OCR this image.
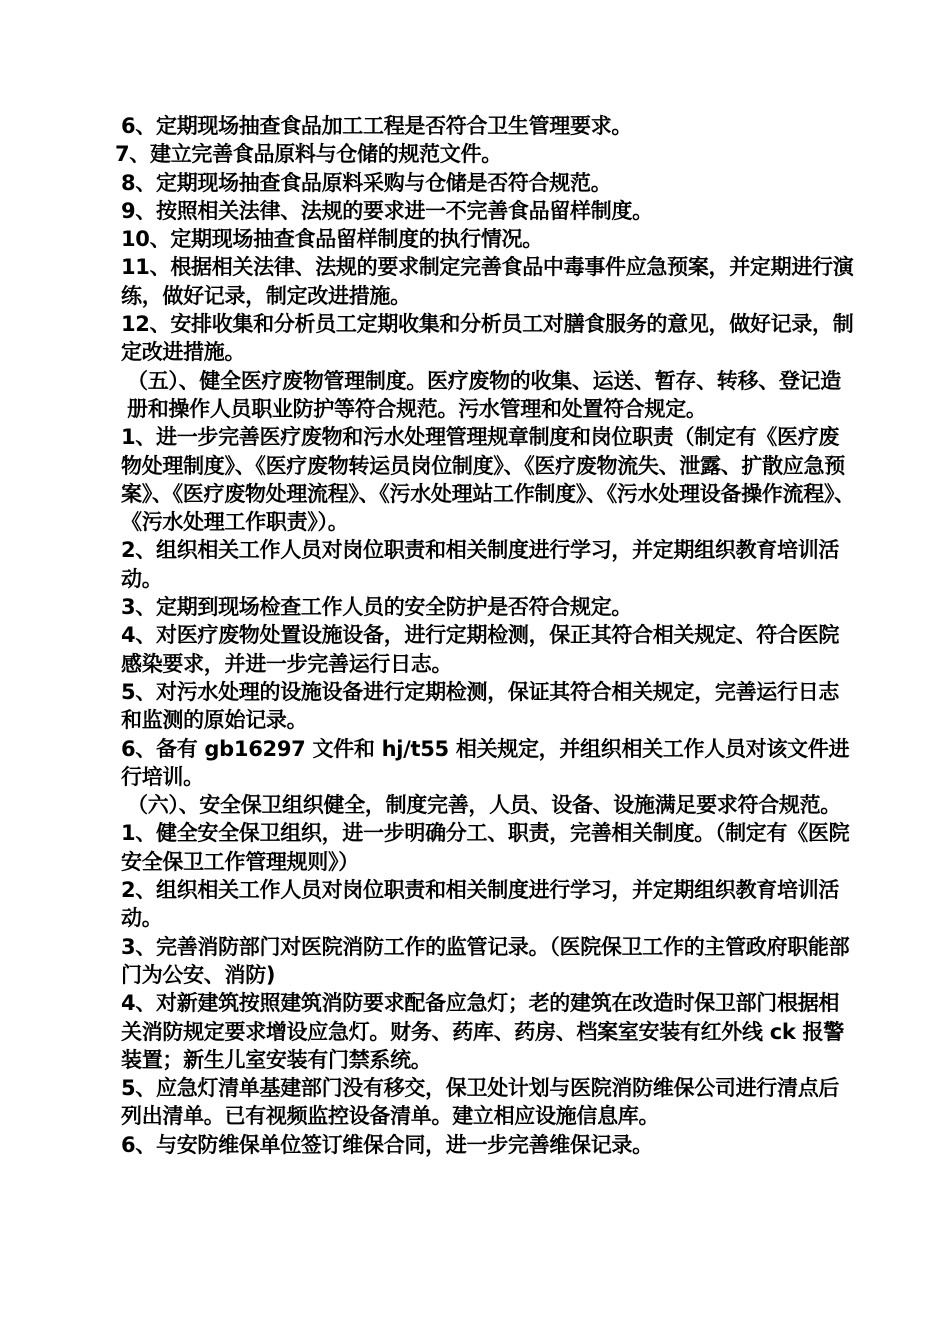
6、定期现场抽查食品加工工程是否符合卫生管理要求。

7、建立完善食品原料与仓储的规范文件。

8、定期现场抽查食品原料采购与仓储是否符合规范。

9、按照相关法律、法规的要求进一不完善食品留样制度。

10、定期现场抽查食品留样制度的执行情况。

11、根据相关法律、法规的要求制定完善食品中毒事件应急预案，并定期进行演练，做好记录，制定改进措施。

12、安排收集和分析员工定期收集和分析员工对膳食服务的意见，做好记录，制定改进措施。

（五）、健全医疗废物管理制度。医疗废物的收集、运送、暂存、转移、登记造册和操作人员职业防护等符合规范。污水管理和处置符合规定。

1、进一步完善医疗废物和污水处理管理规章制度和岗位职责（制定有《医疗废物处理制度》、《医疗废物转运员岗位制度》、《医疗废物流失、泄露、扩散应急预案》、《医疗废物处理流程》、《污水处理站工作制度》、《污水处理设备操作流程》、《污水处理工作职责》）。

2、组织相关工作人员对岗位职责和相关制度进行学习，并定期组织教育培训活动。

3、定期到现场检查工作人员的安全防护是否符合规定。

4、对医疗废物处置设施设备，进行定期检测，保正其符合相关规定、符合医院感染要求，并进一步完善运行日志。

5、对污水处理的设施设备进行定期检测，保证其符合相关规定，完善运行日志和监测的原始记录。

6、备有 gb16297 文件和 hj/t55 相关规定，并组织相关工作人员对该文件进行培训。

（六）、安全保卫组织健全，制度完善，人员、设备、设施满足要求符合规范。

1、健全安全保卫组织，进一步明确分工、职责，完善相关制度。（制定有《医院安全保卫工作管理规则》）

2、组织相关工作人员对岗位职责和相关制度进行学习，并定期组织教育培训活动。

3、完善消防部门对医院消防工作的监管记录。（医院保卫工作的主管政府职能部门为公安、消防)

4、对新建筑按照建筑消防要求配备应急灯；老的建筑在改造时保卫部门根据相关消防规定要求增设应急灯。财务、药库、药房、档案室安装有红外线 ck 报警装置；新生儿室安装有门禁系统。

5、应急灯清单基建部门没有移交，保卫处计划与医院消防维保公司进行清点后列出清单。已有视频监控设备清单。建立相应设施信息库。

6、与安防维保单位签订维保合同，进一步完善维保记录。
